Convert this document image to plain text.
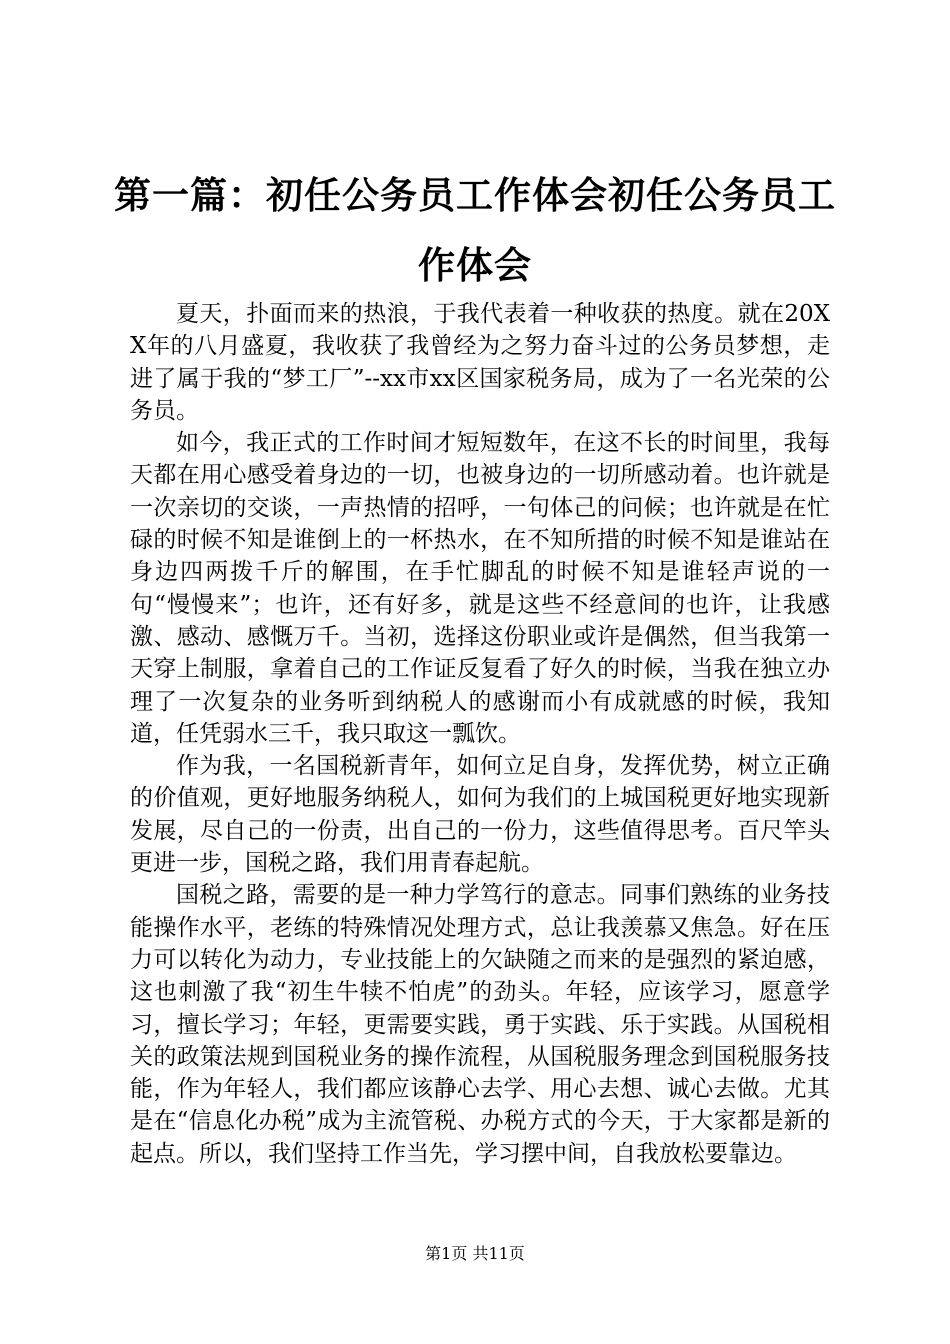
第一篇：初任公务员工作体会初任公务员工作体会

夏天，扑面而来的热浪，于我代表着一种收获的热度。就在20XX年的八月盛夏，我收获了我曾经为之努力奋斗过的公务员梦想，走进了属于我的“梦工厂”--xx市xx区国家税务局，成为了一名光荣的公务员。

如今，我正式的工作时间才短短数年，在这不长的时间里，我每天都在用心感受着身边的一切，也被身边的一切所感动着。也许就是一次亲切的交谈，一声热情的招呼，一句体己的问候；也许就是在忙碌的时候不知是谁倒上的一杯热水，在不知所措的时候不知是谁站在身边四两拨千斤的解围，在手忙脚乱的时候不知是谁轻声说的一句“慢慢来”；也许，还有好多，就是这些不经意间的也许，让我感激、感动、感慨万千。当初，选择这份职业或许是偶然，但当我第一天穿上制服，拿着自己的工作证反复看了好久的时候，当我在独立办理了一次复杂的业务听到纳税人的感谢而小有成就感的时候，我知道，任凭弱水三千，我只取这一瓢饮。

作为我，一名国税新青年，如何立足自身，发挥优势，树立正确的价值观，更好地服务纳税人，如何为我们的上城国税更好地实现新发展，尽自己的一份责，出自己的一份力，这些值得思考。百尺竿头更进一步，国税之路，我们用青春起航。

国税之路，需要的是一种力学笃行的意志。同事们熟练的业务技能操作水平，老练的特殊情况处理方式，总让我羡慕又焦急。好在压力可以转化为动力，专业技能上的欠缺随之而来的是强烈的紧迫感，这也刺激了我“初生牛犊不怕虎”的劲头。年轻，应该学习，愿意学习，擅长学习；年轻，更需要实践，勇于实践、乐于实践。从国税相关的政策法规到国税业务的操作流程，从国税服务理念到国税服务技能，作为年轻人，我们都应该静心去学、用心去想、诚心去做。尤其是在“信息化办税”成为主流管税、办税方式的今天，于大家都是新的起点。所以，我们坚持工作当先，学习摆中间，自我放松要靠边。

第1页 共11页
